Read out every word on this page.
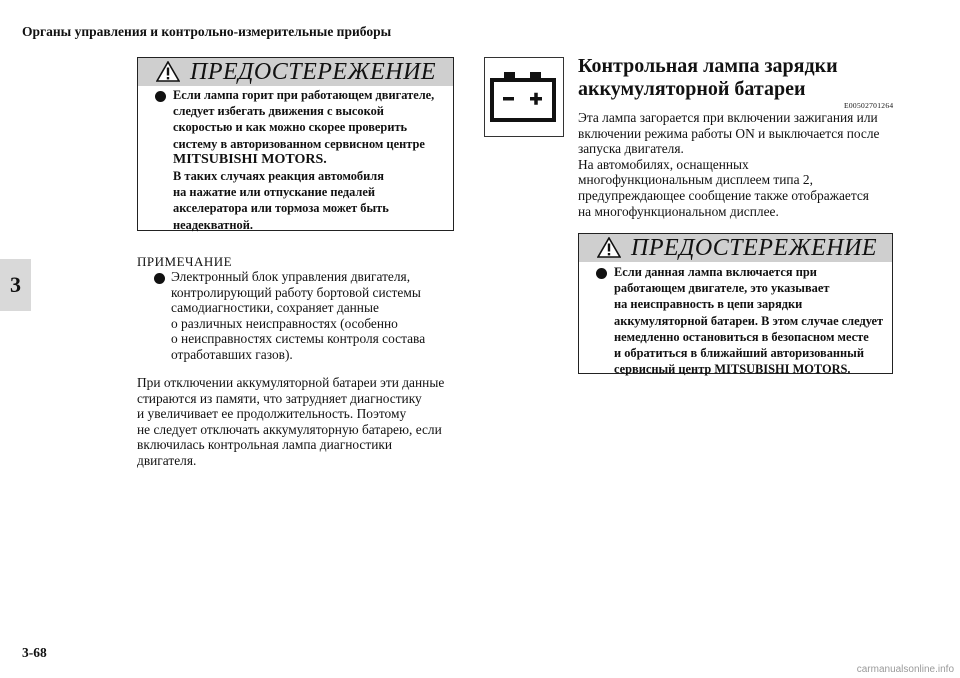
Органы управления и контрольно-измерительные приборы
3
ПРЕДОСТЕРЕЖЕНИЕ
Если лампа горит при работающем двигателе,
следует избегать движения с высокой
скоростью и как можно скорее проверить
систему в авторизованном сервисном центре
MITSUBISHI MOTORS.
В таких случаях реакция автомобиля
на нажатие или отпускание педалей
акселератора или тормоза может быть
неадекватной.
ПРИМЕЧАНИЕ
Электронный блок управления двигателя,
контролирующий работу бортовой системы
самодиагностики, сохраняет данные
о различных неисправностях (особенно
о неисправностях системы контроля состава
отработавших газов).
При отключении аккумуляторной батареи эти данные
стираются из памяти, что затрудняет диагностику
и увеличивает ее продолжительность. Поэтому
не следует отключать аккумуляторную батарею, если
включилась контрольная лампа диагностики
двигателя.
Контрольная лампа зарядки
аккумуляторной батареи
E00502701264
Эта лампа загорается при включении зажигания или
включении режима работы ON и выключается после
запуска двигателя.
На автомобилях, оснащенных
многофункциональным дисплеем типа 2,
предупреждающее сообщение также отображается
на многофункциональном дисплее.
ПРЕДОСТЕРЕЖЕНИЕ
Если данная лампа включается при
работающем двигателе, это указывает
на неисправность в цепи зарядки
аккумуляторной батареи. В этом случае следует
немедленно остановиться в безопасном месте
и обратиться в ближайший авторизованный
сервисный центр MITSUBISHI MOTORS.
3-68
carmanualsonline.info
